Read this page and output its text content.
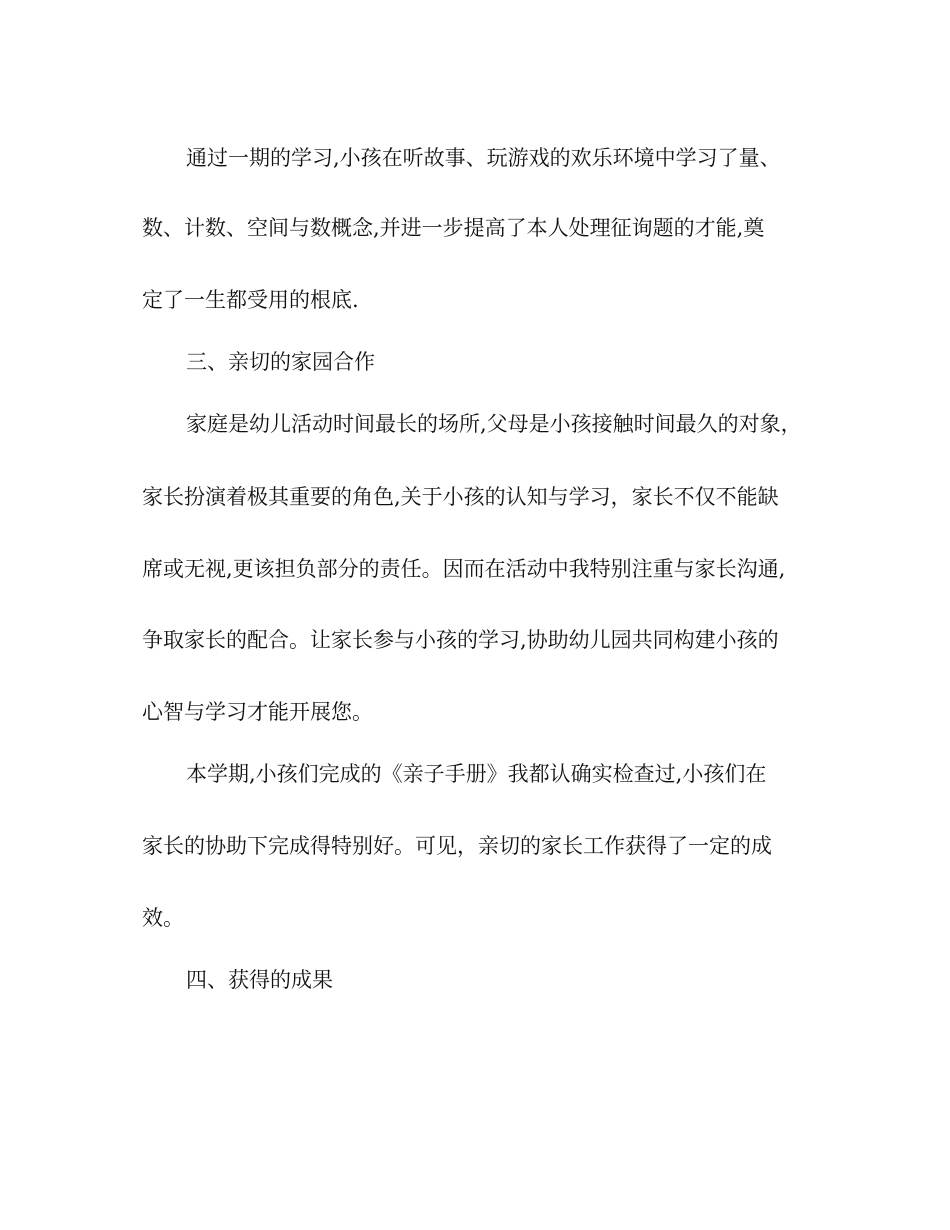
通过一期的学习,小孩在听故事、玩游戏的欢乐环境中学习了量、
数、计数、空间与数概念,并进一步提高了本人处理征询题的才能,奠
定了一生都受用的根底.
三、亲切的家园合作
家庭是幼儿活动时间最长的场所,父母是小孩接触时间最久的对象，
家长扮演着极其重要的角色,关于小孩的认知与学习，家长不仅不能缺
席或无视,更该担负部分的责任。因而在活动中我特别注重与家长沟通,
争取家长的配合。让家长参与小孩的学习,协助幼儿园共同构建小孩的
心智与学习才能开展您。
本学期,小孩们完成的《亲子手册》我都认确实检查过,小孩们在
家长的协助下完成得特别好。可见，亲切的家长工作获得了一定的成
效。
四、获得的成果
